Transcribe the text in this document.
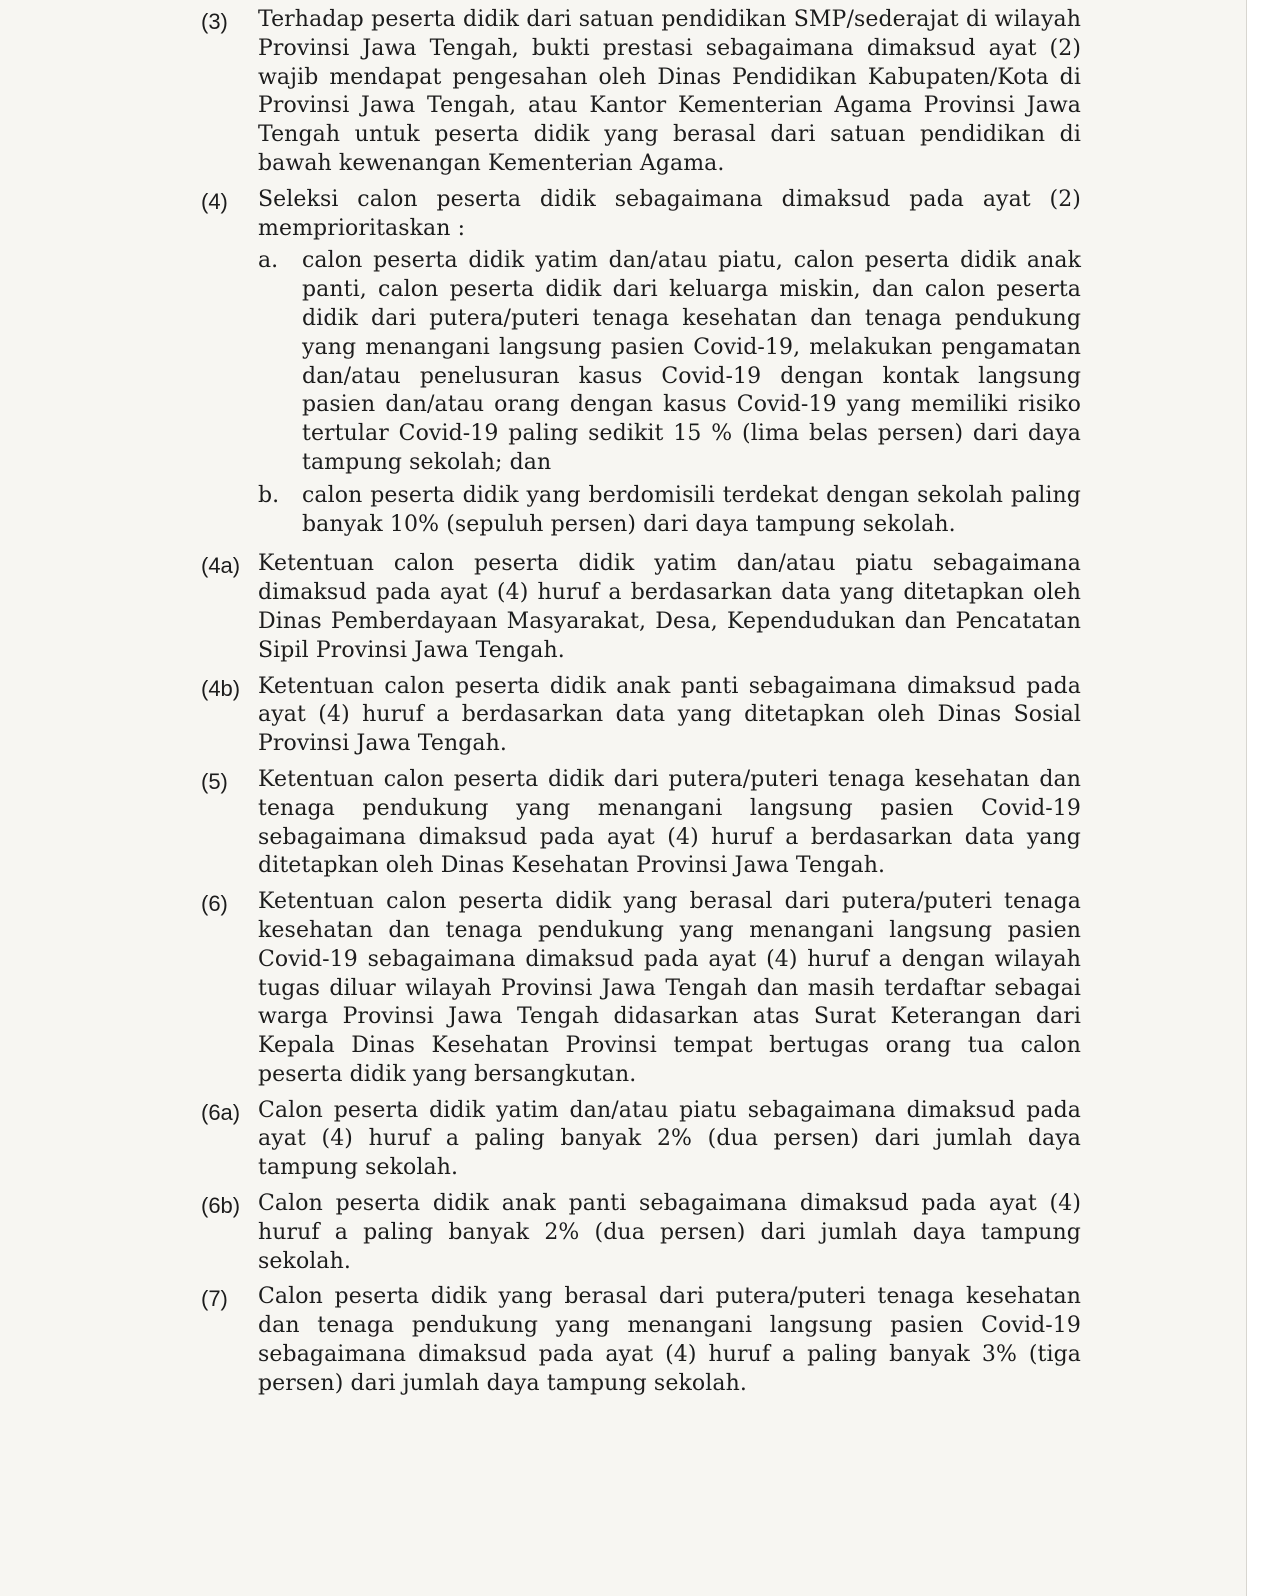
(3)	Terhadap peserta didik dari satuan pendidikan SMP/sederajat di wilayah Provinsi Jawa Tengah, bukti prestasi sebagaimana dimaksud ayat (2) wajib mendapat pengesahan oleh Dinas Pendidikan Kabupaten/Kota di Provinsi Jawa Tengah, atau Kantor Kementerian Agama Provinsi Jawa Tengah untuk peserta didik yang berasal dari satuan pendidikan di bawah kewenangan Kementerian Agama.

(4)	Seleksi calon peserta didik sebagaimana dimaksud pada ayat (2) memprioritaskan :

a.	calon peserta didik yatim dan/atau piatu, calon peserta didik anak panti, calon peserta didik dari keluarga miskin, dan calon peserta didik dari putera/puteri tenaga kesehatan dan tenaga pendukung yang menangani langsung pasien Covid-19, melakukan pengamatan dan/atau penelusuran kasus Covid-19 dengan kontak langsung pasien dan/atau orang dengan kasus Covid-19 yang memiliki risiko tertular Covid-19 paling sedikit 15 % (lima belas persen) dari daya tampung sekolah; dan

b.	calon peserta didik yang berdomisili terdekat dengan sekolah paling banyak 10% (sepuluh persen) dari daya tampung sekolah.

(4a) Ketentuan calon peserta didik yatim dan/atau piatu sebagaimana dimaksud pada ayat (4) huruf a berdasarkan data yang ditetapkan oleh Dinas Pemberdayaan Masyarakat, Desa, Kependudukan dan Pencatatan Sipil Provinsi Jawa Tengah.

(4b) Ketentuan calon peserta didik anak panti sebagaimana dimaksud pada ayat (4) huruf a berdasarkan data yang ditetapkan oleh Dinas Sosial Provinsi Jawa Tengah.

(5)	Ketentuan calon peserta didik dari putera/puteri tenaga kesehatan dan tenaga pendukung yang menangani langsung pasien Covid-19 sebagaimana dimaksud pada ayat (4) huruf a berdasarkan data yang ditetapkan oleh Dinas Kesehatan Provinsi Jawa Tengah.

(6)	Ketentuan calon peserta didik yang berasal dari putera/puteri tenaga kesehatan dan tenaga pendukung yang menangani langsung pasien Covid-19 sebagaimana dimaksud pada ayat (4) huruf a dengan wilayah tugas diluar wilayah Provinsi Jawa Tengah dan masih terdaftar sebagai warga Provinsi Jawa Tengah didasarkan atas Surat Keterangan dari Kepala Dinas Kesehatan Provinsi tempat bertugas orang tua calon peserta didik yang bersangkutan.

(6a) Calon peserta didik yatim dan/atau piatu sebagaimana dimaksud pada ayat (4) huruf a paling banyak 2% (dua persen) dari jumlah daya tampung sekolah.

(6b) Calon peserta didik anak panti sebagaimana dimaksud pada ayat (4) huruf a paling banyak 2% (dua persen) dari jumlah daya tampung sekolah.

(7)	Calon peserta didik yang berasal dari putera/puteri tenaga kesehatan dan tenaga pendukung yang menangani langsung pasien Covid-19 sebagaimana dimaksud pada ayat (4) huruf a paling banyak 3% (tiga persen) dari jumlah daya tampung sekolah.
